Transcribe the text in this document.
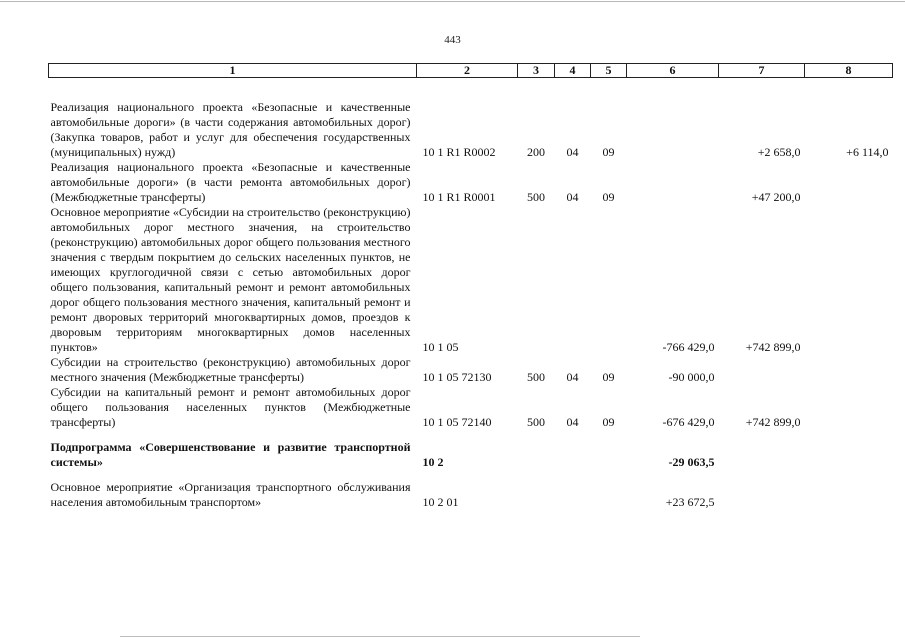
443
1	2	3	4	5	6	7	8
Реализация национального проекта «Безопасные и качественные автомобильные дороги» (в части содержания автомобильных дорог) (Закупка товаров, работ и услуг для обеспечения государственных (муниципальных) нужд)	10 1 R1 R0002	200	04	09		+2 658,0	+6 114,0
Реализация национального проекта «Безопасные и качественные автомобильные дороги» (в части ремонта автомобильных дорог) (Межбюджетные трансферты)	10 1 R1 R0001	500	04	09		+47 200,0	
Основное мероприятие «Субсидии на строительство (реконструкцию) автомобильных дорог местного значения, на строительство (реконструкцию) автомобильных дорог общего пользования местного значения с твердым покрытием до сельских населенных пунктов, не имеющих круглогодичной связи с сетью автомобильных дорог общего пользования, капитальный ремонт и ремонт автомобильных дорог общего пользования местного значения, капитальный ремонт и ремонт дворовых территорий многоквартирных домов, проездов к дворовым территориям многоквартирных домов населенных пунктов»	10 1 05				-766 429,0	+742 899,0	
Субсидии на строительство (реконструкцию) автомобильных дорог местного значения (Межбюджетные трансферты)	10 1 05 72130	500	04	09	-90 000,0		
Субсидии на капитальный ремонт и ремонт автомобильных дорог общего пользования населенных пунктов (Межбюджетные трансферты)	10 1 05 72140	500	04	09	-676 429,0	+742 899,0	

Подпрограмма «Совершенствование и развитие транспортной системы»	10 2				-29 063,5		

Основное мероприятие «Организация транспортного обслуживания населения автомобильным транспортом»	10 2 01				+23 672,5		
